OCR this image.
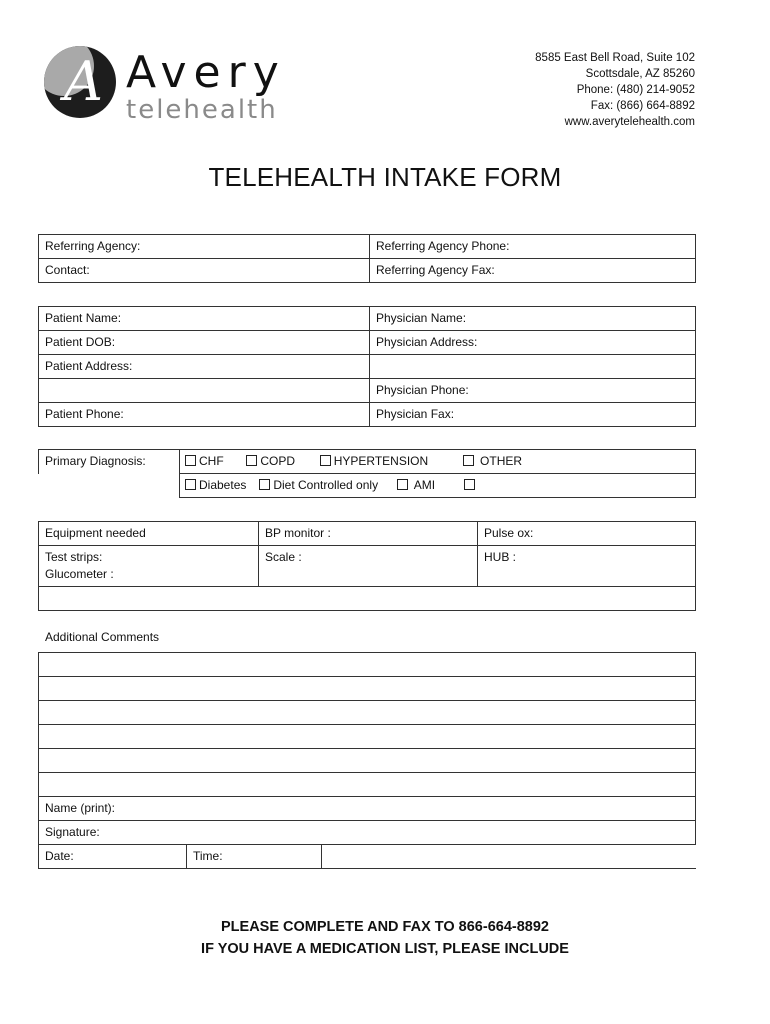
A Avery
telehealth
8585 East Bell Road, Suite 102
Scottsdale, AZ 85260
Phone: (480) 214-9052
Fax: (866) 664-8892
www.averytelehealth.com
TELEHEALTH INTAKE FORM
Referring Agency:	Referring Agency Phone:
Contact:	Referring Agency Fax:
Patient Name:	Physician Name:
Patient DOB:	Physician Address:
Patient Address:	
	Physician Phone:
Patient Phone:	Physician Fax:
Primary Diagnosis:	CHF COPD HYPERTENSION OTHER
	Diabetes Diet Controlled only AMI
Equipment needed	BP monitor :	Pulse ox:

Test strips:
Glucometer :	Scale :	HUB :

Additional Comments

Name (print):
Signature:
Date:	Time:	
PLEASE COMPLETE AND FAX TO 866-664-8892
IF YOU HAVE A MEDICATION LIST, PLEASE INCLUDE
